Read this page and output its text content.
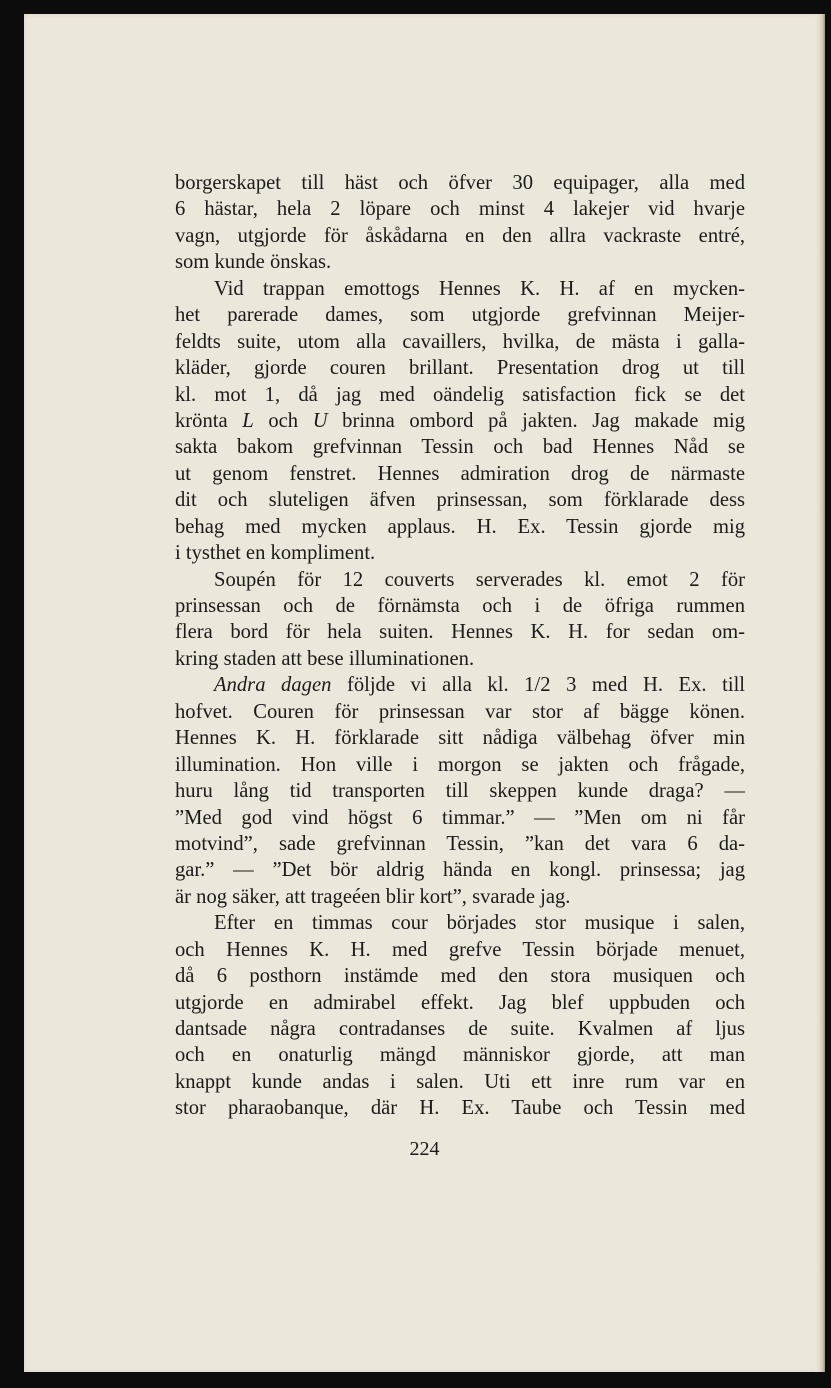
borgerskapet till häst och öfver 30 equipager, alla med
6 hästar, hela 2 löpare och minst 4 lakejer vid hvarje
vagn, utgjorde för åskådarna en den allra vackraste entré,
som kunde önskas.
Vid trappan emottogs Hennes K. H. af en mycken-
het parerade dames, som utgjorde grefvinnan Meijer-
feldts suite, utom alla cavaillers, hvilka, de mästa i galla-
kläder, gjorde couren brillant. Presentation drog ut till
kl. mot 1, då jag med oändelig satisfaction fick se det
krönta L och U brinna ombord på jakten. Jag makade mig
sakta bakom grefvinnan Tessin och bad Hennes Nåd se
ut genom fenstret. Hennes admiration drog de närmaste
dit och sluteligen äfven prinsessan, som förklarade dess
behag med mycken applaus. H. Ex. Tessin gjorde mig
i tysthet en kompliment.
Soupén för 12 couverts serverades kl. emot 2 för
prinsessan och de förnämsta och i de öfriga rummen
flera bord för hela suiten. Hennes K. H. for sedan om-
kring staden att bese illuminationen.
Andra dagen följde vi alla kl. 1/2 3 med H. Ex. till
hofvet. Couren för prinsessan var stor af bägge könen.
Hennes K. H. förklarade sitt nådiga välbehag öfver min
illumination. Hon ville i morgon se jakten och frågade,
huru lång tid transporten till skeppen kunde draga? —
”Med god vind högst 6 timmar.” — ”Men om ni får
motvind”, sade grefvinnan Tessin, ”kan det vara 6 da-
gar.” — ”Det bör aldrig hända en kongl. prinsessa; jag
är nog säker, att trageéen blir kort”, svarade jag.
Efter en timmas cour börjades stor musique i salen,
och Hennes K. H. med grefve Tessin började menuet,
då 6 posthorn instämde med den stora musiquen och
utgjorde en admirabel effekt. Jag blef uppbuden och
dantsade några contradanses de suite. Kvalmen af ljus
och en onaturlig mängd människor gjorde, att man
knappt kunde andas i salen. Uti ett inre rum var en
stor pharaobanque, där H. Ex. Taube och Tessin med
224
